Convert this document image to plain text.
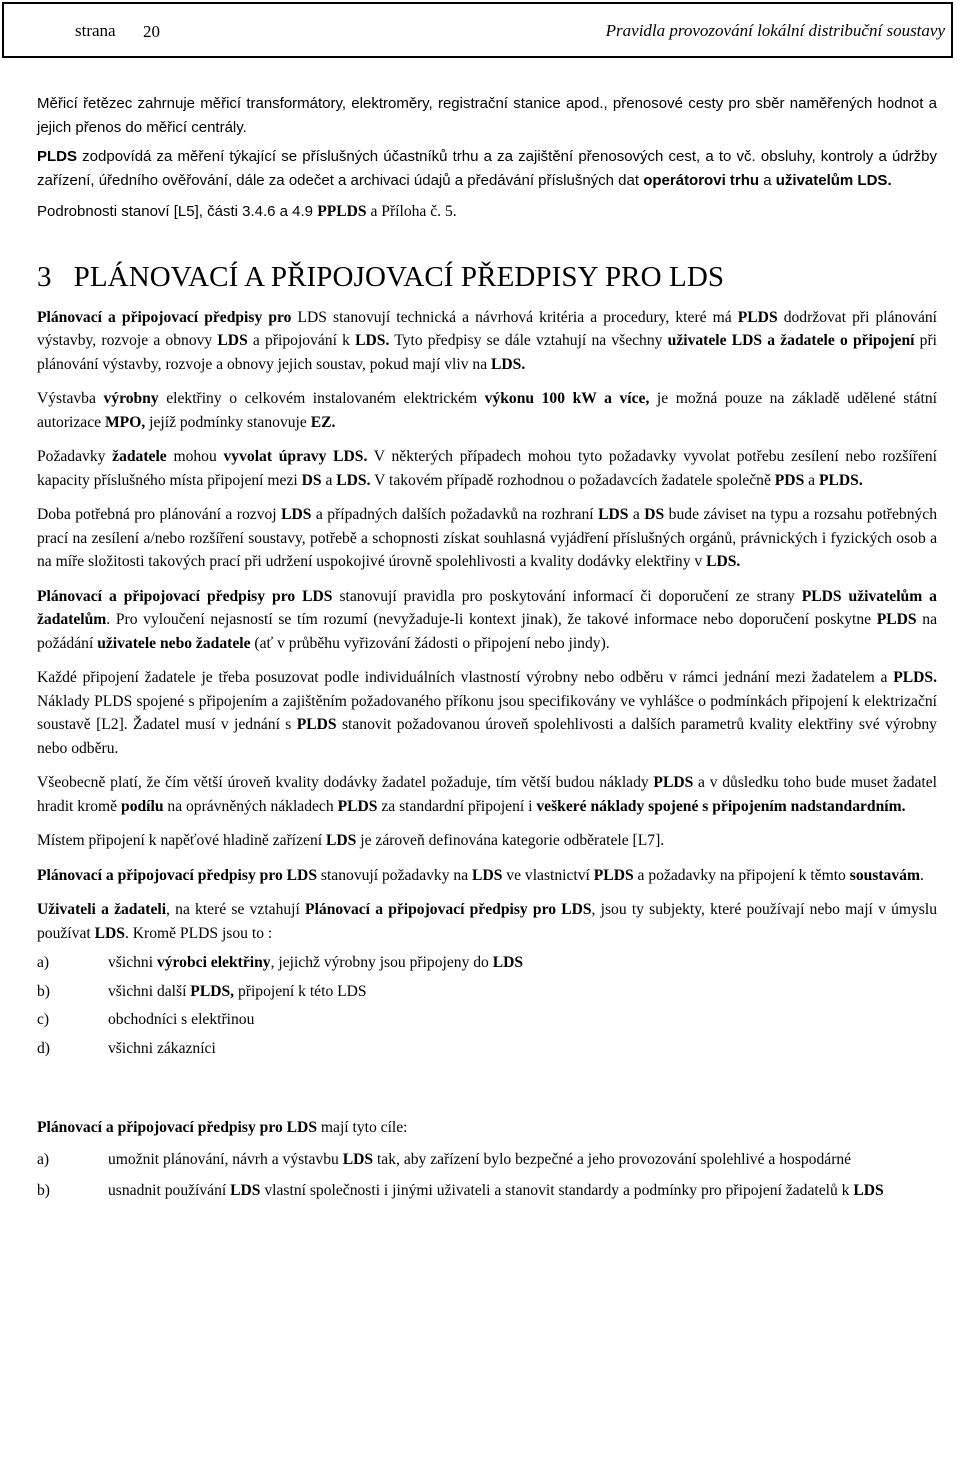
strana 20	Pravidla provozování lokální distribuční soustavy

Měřicí řetězec zahrnuje měřicí transformátory, elektroměry, registrační stanice apod., přenosové cesty pro sběr naměřených hodnot a jejich přenos do měřicí centrály.

PLDS zodpovídá za měření týkající se příslušných účastníků trhu a za zajištění přenosových cest, a to vč. obsluhy, kontroly a údržby zařízení, úředního ověřování, dále za odečet a archivaci údajů a předávání příslušných dat operátorovi trhu a uživatelům LDS.

Podrobnosti stanoví [L5], části 3.4.6 a 4.9 PPLDS a Příloha č. 5.

3 PLÁNOVACÍ A PŘIPOJOVACÍ PŘEDPISY PRO LDS

Plánovací a připojovací předpisy pro LDS stanovují technická a návrhová kritéria a procedury, které má PLDS dodržovat při plánování výstavby, rozvoje a obnovy LDS a připojování k LDS. Tyto předpisy se dále vztahují na všechny uživatele LDS a žadatele o připojení při plánování výstavby, rozvoje a obnovy jejich soustav, pokud mají vliv na LDS.

Výstavba výrobny elektřiny o celkovém instalovaném elektrickém výkonu 100 kW a více, je možná pouze na základě udělené státní autorizace MPO, jejíž podmínky stanovuje EZ.

Požadavky žadatele mohou vyvolat úpravy LDS. V některých případech mohou tyto požadavky vyvolat potřebu zesílení nebo rozšíření kapacity příslušného místa připojení mezi DS a LDS. V takovém případě rozhodnou o požadavcích žadatele společně PDS a PLDS.

Doba potřebná pro plánování a rozvoj LDS a případných dalších požadavků na rozhraní LDS a DS bude záviset na typu a rozsahu potřebných prací na zesílení a/nebo rozšíření soustavy, potřebě a schopnosti získat souhlasná vyjádření příslušných orgánů, právnických i fyzických osob a na míře složitosti takových prací při udržení uspokojivé úrovně spolehlivosti a kvality dodávky elektřiny v LDS.

Plánovací a připojovací předpisy pro LDS stanovují pravidla pro poskytování informací či doporučení ze strany PLDS uživatelům a žadatelům. Pro vyloučení nejasností se tím rozumí (nevyžaduje-li kontext jinak), že takové informace nebo doporučení poskytne PLDS na požádání uživatele nebo žadatele (ať v průběhu vyřizování žádosti o připojení nebo jindy).

Každé připojení žadatele je třeba posuzovat podle individuálních vlastností výrobny nebo odběru v rámci jednání mezi žadatelem a PLDS. Náklady PLDS spojené s připojením a zajištěním požadovaného příkonu jsou specifikovány ve vyhlášce o podmínkách připojení k elektrizační soustavě [L2]. Žadatel musí v jednání s PLDS stanovit požadovanou úroveň spolehlivosti a dalších parametrů kvality elektřiny své výrobny nebo odběru.

Všeobecně platí, že čím větší úroveň kvality dodávky žadatel požaduje, tím větší budou náklady PLDS a v důsledku toho bude muset žadatel hradit kromě podílu na oprávněných nákladech PLDS za standardní připojení i veškeré náklady spojené s připojením nadstandardním.

Místem připojení k napěťové hladině zařízení LDS je zároveň definována kategorie odběratele [L7].

Plánovací a připojovací předpisy pro LDS stanovují požadavky na LDS ve vlastnictví PLDS a požadavky na připojení k těmto soustavám.

Uživateli a žadateli, na které se vztahují Plánovací a připojovací předpisy pro LDS, jsou ty subjekty, které používají nebo mají v úmyslu používat LDS. Kromě PLDS jsou to :

a)	všichni výrobci elektřiny, jejichž výrobny jsou připojeny do LDS
b)	všichni další PLDS, připojení k této LDS
c)	obchodníci s elektřinou
d)	všichni zákazníci

Plánovací a připojovací předpisy pro LDS mají tyto cíle:

a)	umožnit plánování, návrh a výstavbu LDS tak, aby zařízení bylo bezpečné a jeho provozování spolehlivé a hospodárné
b)	usnadnit používání LDS vlastní společnosti i jinými uživateli a stanovit standardy a podmínky pro připojení žadatelů k LDS
